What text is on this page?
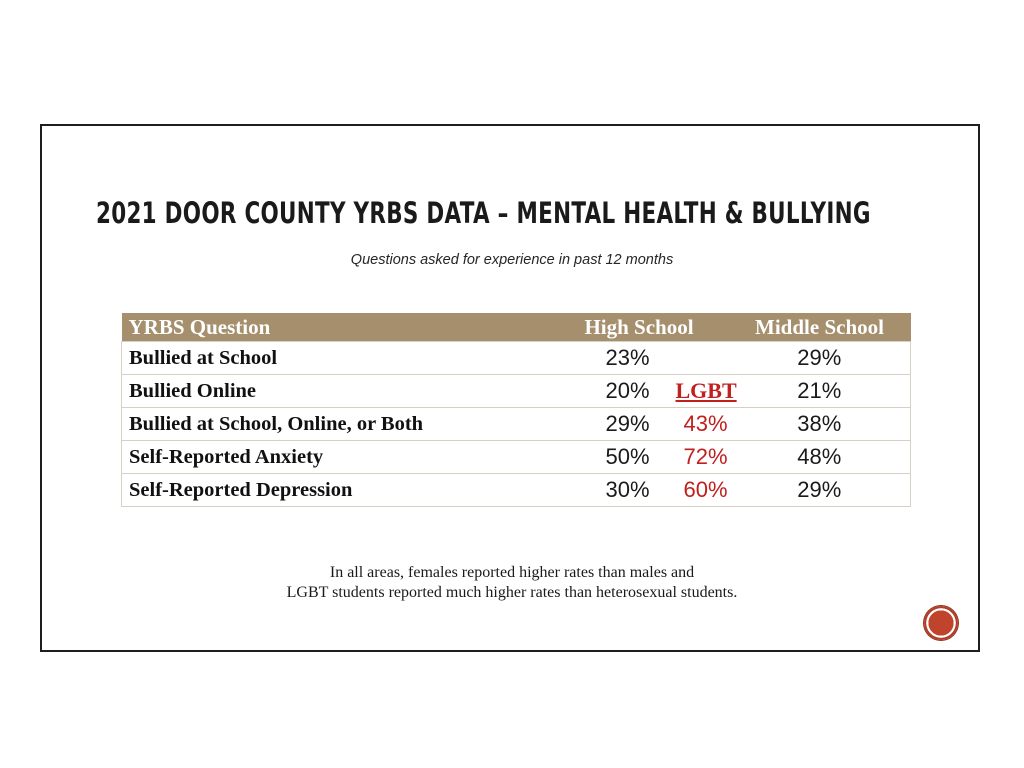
2021 DOOR COUNTY YRBS DATA – MENTAL HEALTH & BULLYING
Questions asked for experience in past 12 months
YRBS Question	High School	Middle School
Bullied at School	23%	29%
Bullied Online	20% LGBT	21%
Bullied at School, Online, or Both	29% 43%	38%
Self-Reported Anxiety	50% 72%	48%
Self-Reported Depression	30% 60%	29%
In all areas, females reported higher rates than males and
LGBT students reported much higher rates than heterosexual students.
